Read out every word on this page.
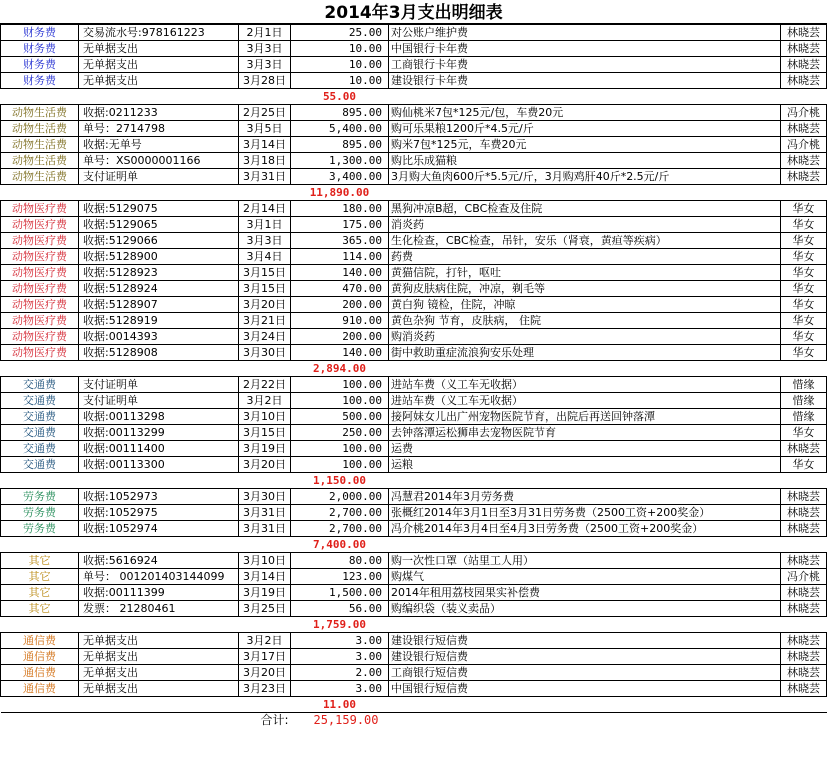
2014年3月支出明细表
财务费	交易流水号:978161223	2月1日	25.00	对公账户维护费	林晓芸
财务费	无单据支出	3月3日	10.00	中国银行卡年费	林晓芸
财务费	无单据支出	3月3日	10.00	工商银行卡年费	林晓芸
财务费	无单据支出	3月28日	10.00	建设银行卡年费	林晓芸
			55.00		
动物生活费	收据:0211233	2月25日	895.00	购仙桃米7包*125元/包，车费20元	冯介桃
动物生活费	单号：2714798	3月5日	5,400.00	购可乐果粮1200斤*4.5元/斤	林晓芸
动物生活费	收据:无单号	3月14日	895.00	购米7包*125元，车费20元	冯介桃
动物生活费	单号：XS0000001166	3月18日	1,300.00	购比乐成猫粮	林晓芸
动物生活费	支付证明单	3月31日	3,400.00	3月购大鱼肉600斤*5.5元/斤，3月购鸡肝40斤*2.5元/斤	林晓芸
			11,890.00		
动物医疗费	收据:5129075	2月14日	180.00	黑狗冲凉B超，CBC检查及住院	华女
动物医疗费	收据:5129065	3月1日	175.00	消炎药	华女
动物医疗费	收据:5129066	3月3日	365.00	生化检查，CBC检查，吊针，安乐（肾衰，黄疸等疾病）	华女
动物医疗费	收据:5128900	3月4日	114.00	药费	华女
动物医疗费	收据:5128923	3月15日	140.00	黄猫信院，打针，呕吐	华女
动物医疗费	收据:5128924	3月15日	470.00	黄狗皮肤病住院，冲凉，剃毛等	华女
动物医疗费	收据:5128907	3月20日	200.00	黄白狗 镜检，住院，冲晾	华女
动物医疗费	收据:5128919	3月21日	910.00	黄色杂狗 节育，皮肤病， 住院	华女
动物医疗费	收据:0014393	3月24日	200.00	购消炎药	华女
动物医疗费	收据:5128908	3月30日	140.00	街中救助重症流浪狗安乐处理	华女
			2,894.00		
交通费	支付证明单	2月22日	100.00	进站车费（义工车无收据）	惜缘
交通费	支付证明单	3月2日	100.00	进站车费（义工车无收据）	惜缘
交通费	收据:00113298	3月10日	500.00	接阿妹女儿出广州宠物医院节育，出院后再送回钟落潭	惜缘
交通费	收据:00113299	3月15日	250.00	去钟落潭运松狮串去宠物医院节育	华女
交通费	收据:00111400	3月19日	100.00	运费	林晓芸
交通费	收据:00113300	3月20日	100.00	运粮	华女
			1,150.00		
劳务费	收据:1052973	3月30日	2,000.00	冯慧君2014年3月劳务费	林晓芸
劳务费	收据:1052975	3月31日	2,700.00	张概红2014年3月1日至3月31日劳务费（2500工资+200奖金）	林晓芸
劳务费	收据:1052974	3月31日	2,700.00	冯介桃2014年3月4日至4月3日劳务费（2500工资+200奖金）	林晓芸
			7,400.00		
其它	收据:5616924	3月10日	80.00	购一次性口罩（站里工人用）	林晓芸
其它	单号： 001201403144099	3月14日	123.00	购煤气	冯介桃
其它	收据:00111399	3月19日	1,500.00	2014年租用荔枝园果实补偿费	林晓芸
其它	发票： 21280461	3月25日	56.00	购编织袋（装义卖品）	林晓芸
			1,759.00		
通信费	无单据支出	3月2日	3.00	建设银行短信费	林晓芸
通信费	无单据支出	3月17日	3.00	建设银行短信费	林晓芸
通信费	无单据支出	3月20日	2.00	工商银行短信费	林晓芸
通信费	无单据支出	3月23日	3.00	中国银行短信费	林晓芸
			11.00		
		合计:	25,159.00		
